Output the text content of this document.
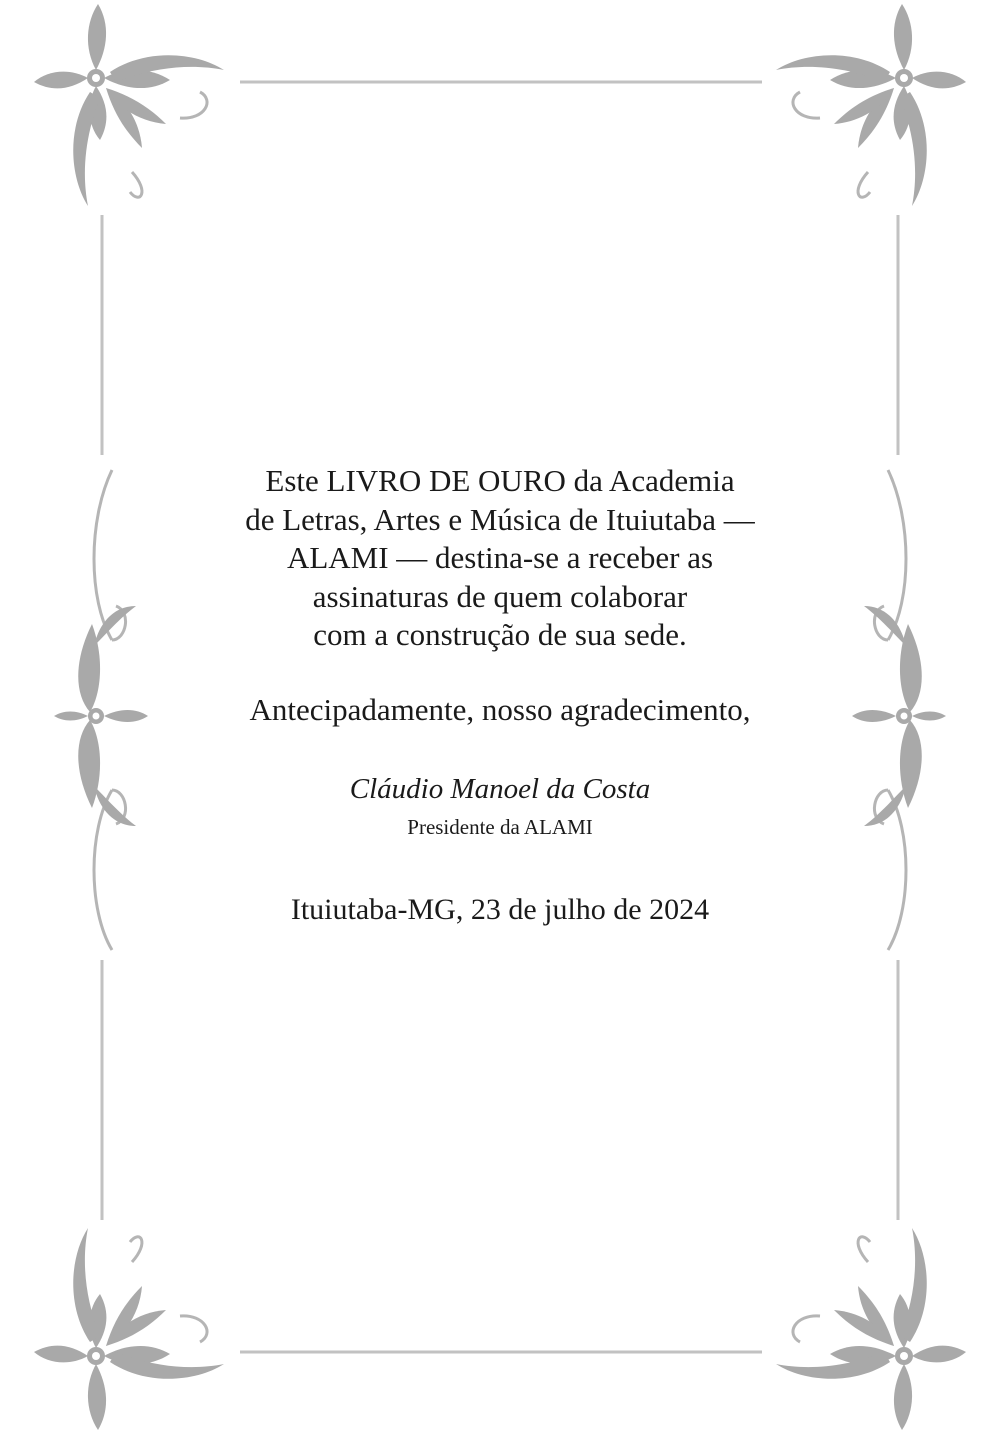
Este LIVRO DE OURO da Academia
de Letras, Artes e Música de Ituiutaba —
ALAMI — destina-se a receber as
assinaturas de quem colaborar
com a construção de sua sede.

Antecipadamente, nosso agradecimento,

Cláudio Manoel da Costa

Presidente da ALAMI

Ituiutaba-MG, 23 de julho de 2024
